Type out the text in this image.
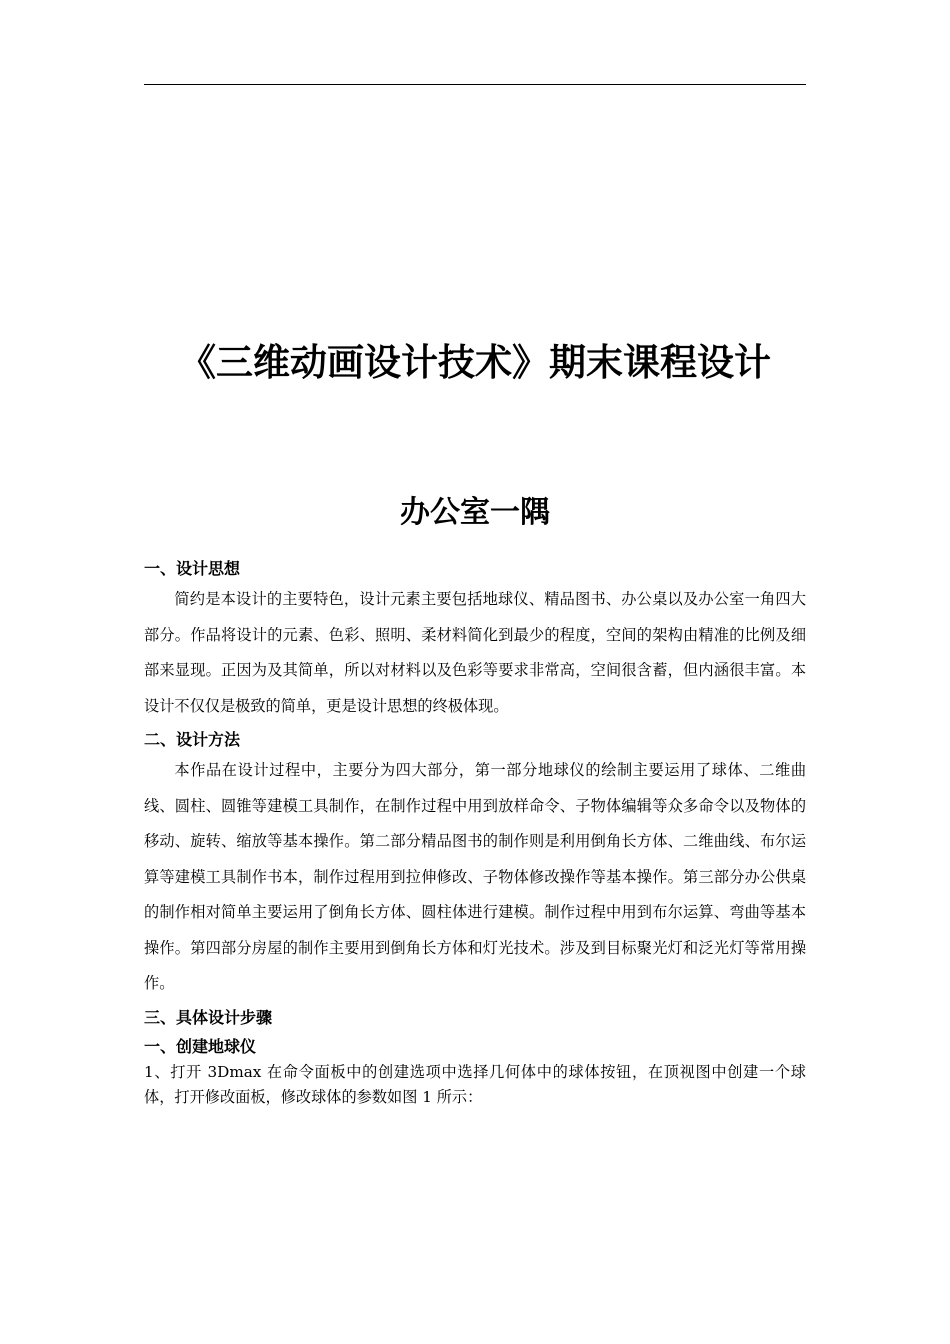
《三维动画设计技术》期末课程设计
办公室一隅

一、设计思想

简约是本设计的主要特色，设计元素主要包括地球仪、精品图书、办公桌以及办公室一角四大部分。作品将设计的元素、色彩、照明、柔材料简化到最少的程度，空间的架构由精准的比例及细部来显现。正因为及其简单，所以对材料以及色彩等要求非常高，空间很含蓄，但内涵很丰富。本设计不仅仅是极致的简单，更是设计思想的终极体现。

二、设计方法

本作品在设计过程中，主要分为四大部分，第一部分地球仪的绘制主要运用了球体、二维曲线、圆柱、圆锥等建模工具制作，在制作过程中用到放样命令、子物体编辑等众多命令以及物体的移动、旋转、缩放等基本操作。第二部分精品图书的制作则是利用倒角长方体、二维曲线、布尔运算等建模工具制作书本，制作过程用到拉伸修改、子物体修改操作等基本操作。第三部分办公供桌的制作相对简单主要运用了倒角长方体、圆柱体进行建模。制作过程中用到布尔运算、弯曲等基本操作。第四部分房屋的制作主要用到倒角长方体和灯光技术。涉及到目标聚光灯和泛光灯等常用操作。

三、具体设计步骤

一、创建地球仪

1、打开 3Dmax 在命令面板中的创建选项中选择几何体中的球体按钮，在顶视图中创建一个球体，打开修改面板，修改球体的参数如图 1 所示：
